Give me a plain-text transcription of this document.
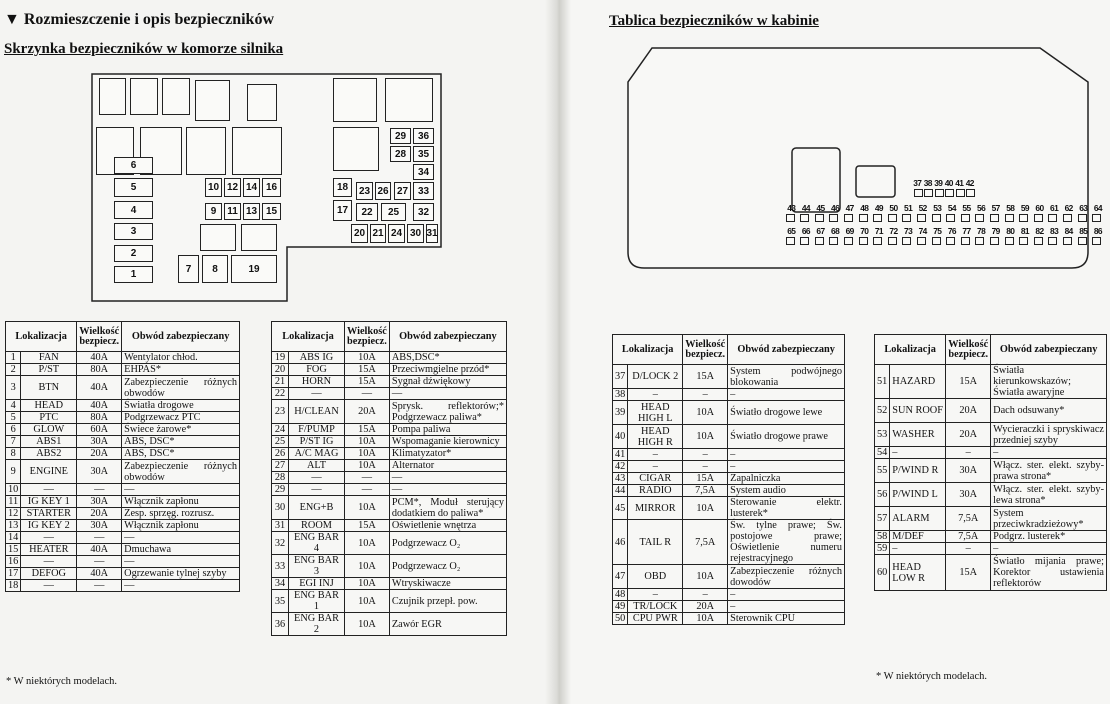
▼ Rozmieszczenie i opis bezpieczników
Skrzynka bezpieczników w komorze silnika
1
2
3
4
5
6
7	8	19
9	11 13 15
10 12 14 16
17	22	25	32
18	23 26 27 33
20 21 24 30 31
34
28	35
29	36
Lokalizacja		Wielkość bezpiecz.	Obwód zabezpieczany
1	FAN	40A	Wentylator chłod.
2	P/ST	80A	EHPAS*
3	BTN	40A	Zabezpieczenie różnych obwodów
4	HEAD	40A	Światła drogowe
5	PTC	80A	Podgrzewacz PTC
6	GLOW	60A	Świece żarowe*
7	ABS1	30A	ABS, DSC*
8	ABS2	20A	ABS, DSC*
9	ENGINE	30A	Zabezpieczenie różnych obwodów
10	—	—	—
11	IG KEY 1	30A	Włącznik zapłonu
12	STARTER	20A	Zesp. sprzęg. rozrusz.
13	IG KEY 2	30A	Włącznik zapłonu
14	—	—	—
15	HEATER	40A	Dmuchawa
16	—	—	—
17	DEFOG	40A	Ogrzewanie tylnej szyby
18	—	—	—
Lokalizacja		Wielkość bezpiecz.	Obwód zabezpieczany
19	ABS IG	10A	ABS,DSC*
20	FOG	15A	Przeciwmgielne przód*
21	HORN	15A	Sygnał dźwiękowy
22	—	—	—
23	H/CLEAN	20A	Sprysk. reflektorów;* Podgrzewacz paliwa*
24	F/PUMP	15A	Pompa paliwa
25	P/ST IG	10A	Wspomaganie kierownicy
26	A/C MAG	10A	Klimatyzator*
27	ALT	10A	Alternator
28	—	—	—
29	—	—	—
30	ENG+B	10A	PCM*, Moduł sterujący dodatkiem do paliwa*
31	ROOM	15A	Oświetlenie wnętrza
32	ENG BAR 4	10A	Podgrzewacz O₂
33	ENG BAR 3	10A	Podgrzewacz O₂
34	EGI INJ	10A	Wtryskiwacze
35	ENG BAR 1	10A	Czujnik przepł. pow.
36	ENG BAR 2	10A	Zawór EGR
* W niektórych modelach.
Tablica bezpieczników w kabinie
37 38 39 40 41 42
43 44 45 46 47 48 49 50 51 52 53 54 55 56 57 58 59 60 61 62 63 64
65 66 67 68 69 70 71 72 73 74 75 76 77 78 79 80 81 82 83 84 85 86
Lokalizacja		Wielkość bezpiecz.	Obwód zabezpieczany
37	D/LOCK 2	15A	System podwójnego blokowania
38	–	–	–
39	HEAD HIGH L	10A	Światło drogowe lewe
40	HEAD HIGH R	10A	Światło drogowe prawe
41	–	–	–
42	–	–	–
43	CIGAR	15A	Zapalniczka
44	RADIO	7,5A	System audio
45	MIRROR	10A	Sterowanie elektr. lusterek*
46	TAIL R	7,5A	Św. tylne prawe; Św. postojowe prawe; Oświetlenie numeru rejestracyjnego
47	OBD	10A	Zabezpieczenie różnych dowodów
48	–	–	–
49	TR/LOCK	20A	–
50	CPU PWR	10A	Sterownik CPU
Lokalizacja		Wielkość bezpiecz.	Obwód zabezpieczany
51	HAZARD	15A	Światła kierunkowskazów; Światła awaryjne
52	SUN ROOF	20A	Dach odsuwany*
53	WASHER	20A	Wycieraczki i spryskiwacz przedniej szyby
54	–	–	–
55	P/WIND R	30A	Włącz. ster. elekt. szyby-prawa strona*
56	P/WIND L	30A	Włącz. ster. elekt. szyby-lewa strona*
57	ALARM	7,5A	System przeciwkradzieżowy*
58	M/DEF	7,5A	Podgrz. lusterek*
59	–	–	–
60	HEAD LOW R	15A	Światło mijania prawe; Korektor ustawienia reflektorów
* W niektórych modelach.
